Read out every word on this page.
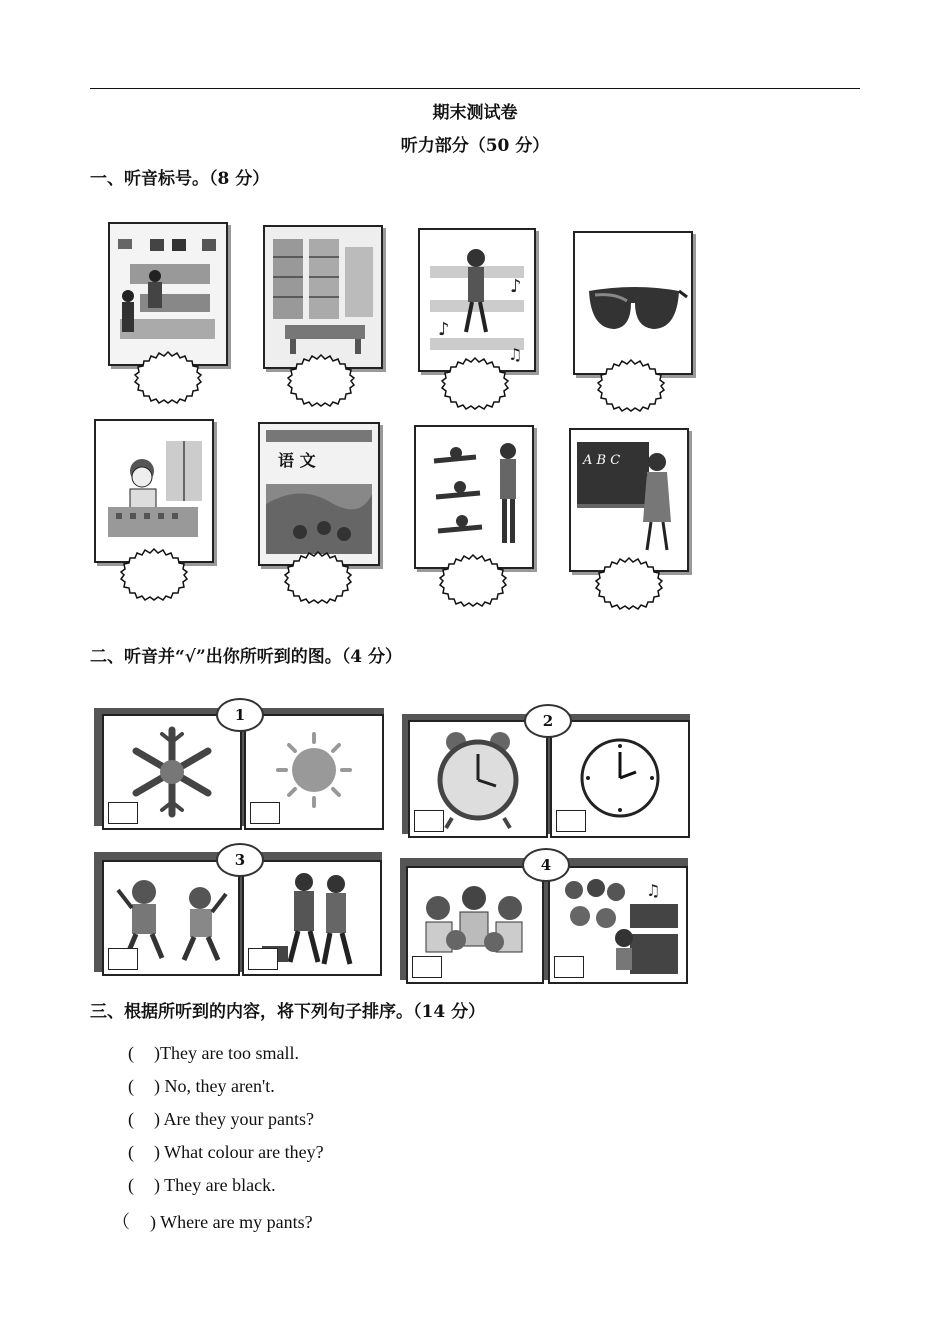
期末测试卷
听力部分（50 分）
一、听音标号。（8 分）
♪
♪
♫
语 文	A B C
二、听音并“√”出你所听到的图。（4 分）
1	2
3
♫
4
三、根据所听到的内容，将下列句子排序。（14 分）
( )They are too small.
( ) No, they aren't.
( ) Are they your pants?
( ) What colour are they?
( ) They are black.
（ ) Where are my pants?
